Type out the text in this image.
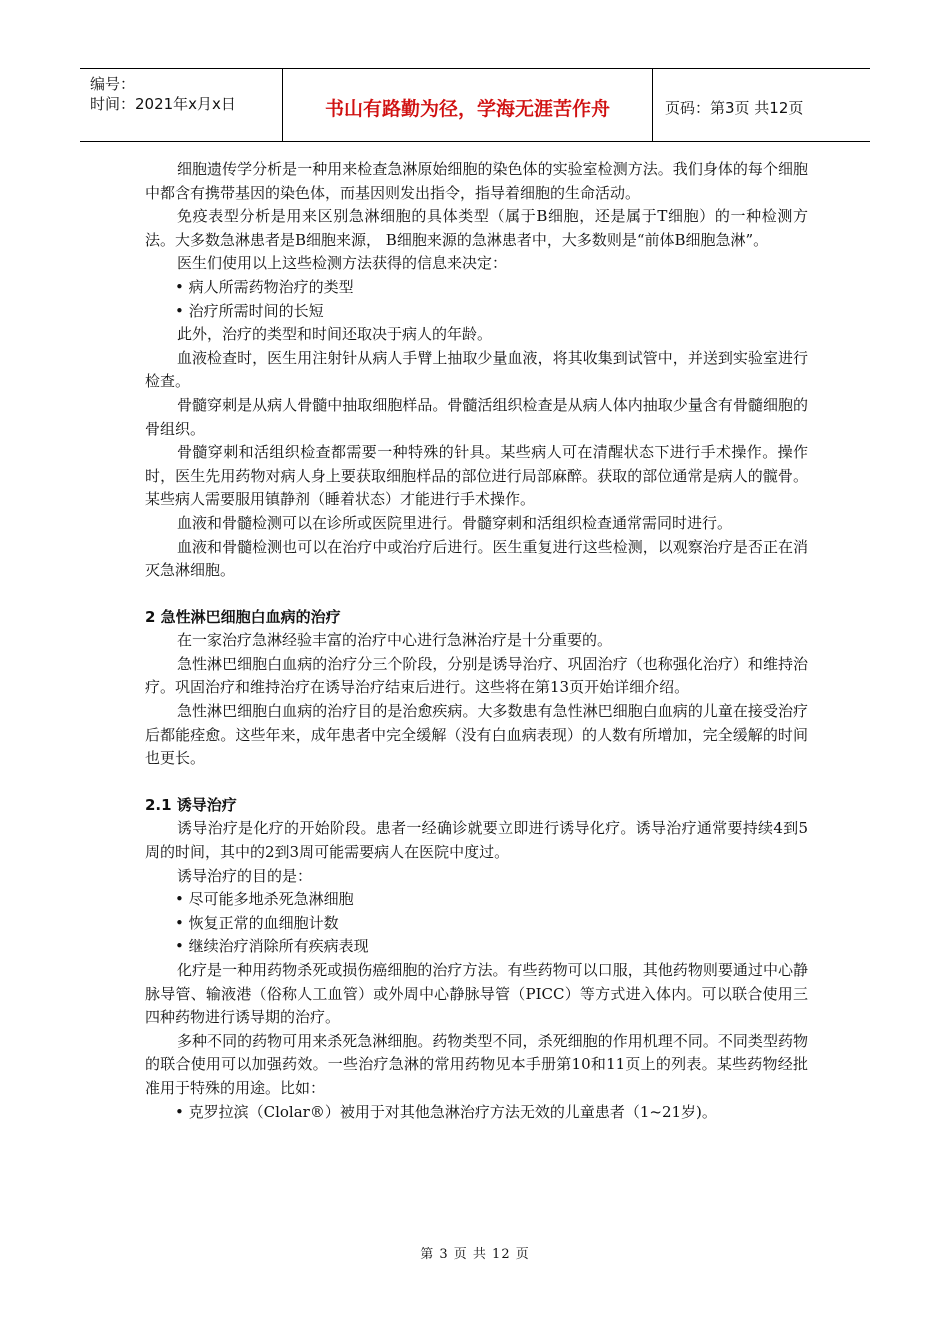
编号：
时间：2021年x月x日	书山有路勤为径，学海无涯苦作舟	页码：第3页 共12页

细胞遗传学分析是一种用来检查急淋原始细胞的染色体的实验室检测方法。我们身体的每个细胞中都含有携带基因的染色体，而基因则发出指令，指导着细胞的生命活动。

免疫表型分析是用来区别急淋细胞的具体类型（属于B细胞，还是属于T细胞）的一种检测方法。大多数急淋患者是B细胞来源， B细胞来源的急淋患者中，大多数则是“前体B细胞急淋”。

医生们使用以上这些检测方法获得的信息来决定：

• 病人所需药物治疗的类型

• 治疗所需时间的长短

此外，治疗的类型和时间还取决于病人的年龄。

血液检查时，医生用注射针从病人手臂上抽取少量血液，将其收集到试管中，并送到实验室进行检查。

骨髓穿刺是从病人骨髓中抽取细胞样品。骨髓活组织检查是从病人体内抽取少量含有骨髓细胞的骨组织。

骨髓穿刺和活组织检查都需要一种特殊的针具。某些病人可在清醒状态下进行手术操作。操作时，医生先用药物对病人身上要获取细胞样品的部位进行局部麻醉。获取的部位通常是病人的髋骨。某些病人需要服用镇静剂（睡着状态）才能进行手术操作。

血液和骨髓检测可以在诊所或医院里进行。骨髓穿刺和活组织检查通常需同时进行。

血液和骨髓检测也可以在治疗中或治疗后进行。医生重复进行这些检测，以观察治疗是否正在消灭急淋细胞。

2 急性淋巴细胞白血病的治疗

在一家治疗急淋经验丰富的治疗中心进行急淋治疗是十分重要的。

急性淋巴细胞白血病的治疗分三个阶段，分别是诱导治疗、巩固治疗（也称强化治疗）和维持治疗。巩固治疗和维持治疗在诱导治疗结束后进行。这些将在第13页开始详细介绍。

急性淋巴细胞白血病的治疗目的是治愈疾病。大多数患有急性淋巴细胞白血病的儿童在接受治疗后都能痊愈。这些年来，成年患者中完全缓解（没有白血病表现）的人数有所增加，完全缓解的时间也更长。

2.1 诱导治疗

诱导治疗是化疗的开始阶段。患者一经确诊就要立即进行诱导化疗。诱导治疗通常要持续4到5周的时间，其中的2到3周可能需要病人在医院中度过。

诱导治疗的目的是：

• 尽可能多地杀死急淋细胞

• 恢复正常的血细胞计数

• 继续治疗消除所有疾病表现

化疗是一种用药物杀死或损伤癌细胞的治疗方法。有些药物可以口服，其他药物则要通过中心静脉导管、输液港（俗称人工血管）或外周中心静脉导管（PICC）等方式进入体内。可以联合使用三四种药物进行诱导期的治疗。

多种不同的药物可用来杀死急淋细胞。药物类型不同，杀死细胞的作用机理不同。不同类型药物的联合使用可以加强药效。一些治疗急淋的常用药物见本手册第10和11页上的列表。某些药物经批准用于特殊的用途。比如：

• 克罗拉滨（Clolar®）被用于对其他急淋治疗方法无效的儿童患者（1~21岁)。

第 3 页 共 12 页
